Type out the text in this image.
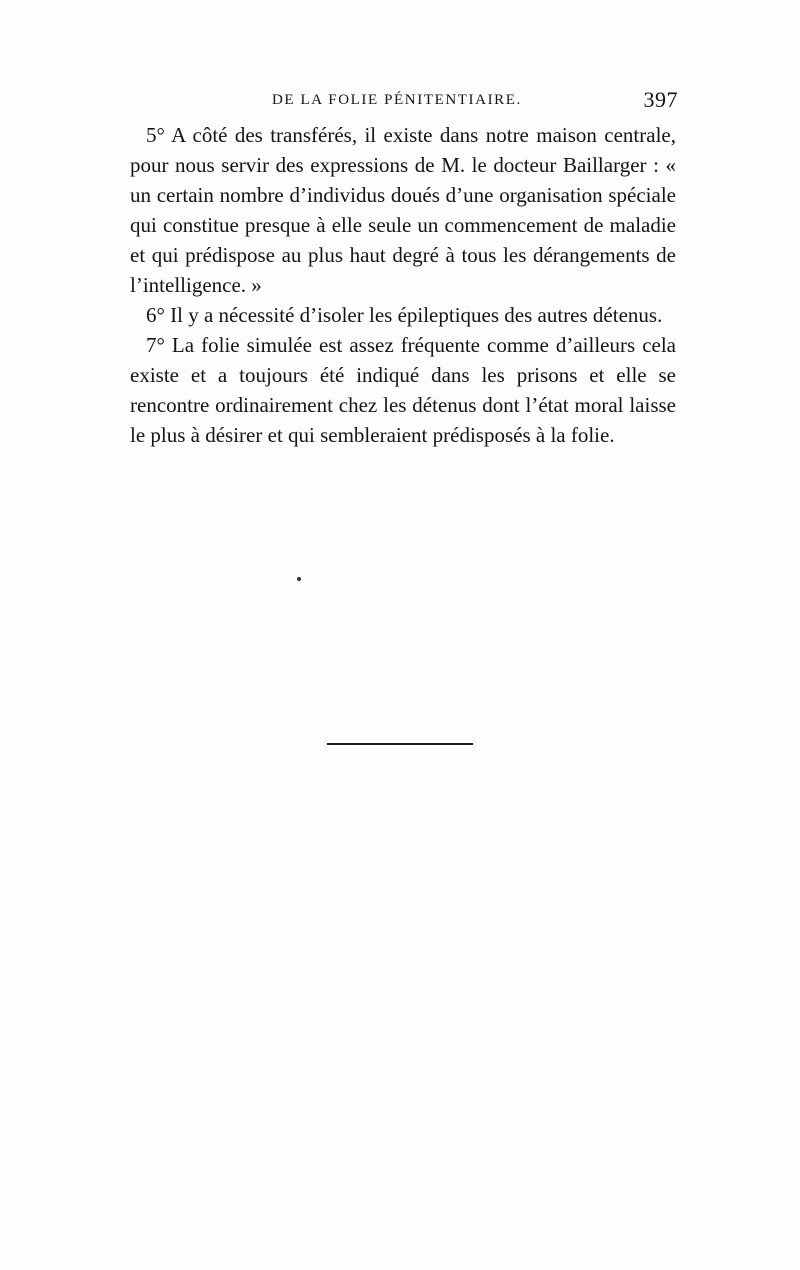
DE LA FOLIE PÉNITENTIAIRE.	397

5° A côté des transférés, il existe dans notre maison centrale, pour nous servir des expressions de M. le docteur Baillarger : « un certain nombre d’individus doués d’une organisation spéciale qui constitue presque à elle seule un commencement de maladie et qui prédispose au plus haut degré à tous les dérangements de l’intelligence. »

6° Il y a nécessité d’isoler les épileptiques des autres détenus.

7° La folie simulée est assez fréquente comme d’ailleurs cela existe et a toujours été indiqué dans les prisons et elle se rencontre ordinairement chez les détenus dont l’état moral laisse le plus à désirer et qui sembleraient prédisposés à la folie.
